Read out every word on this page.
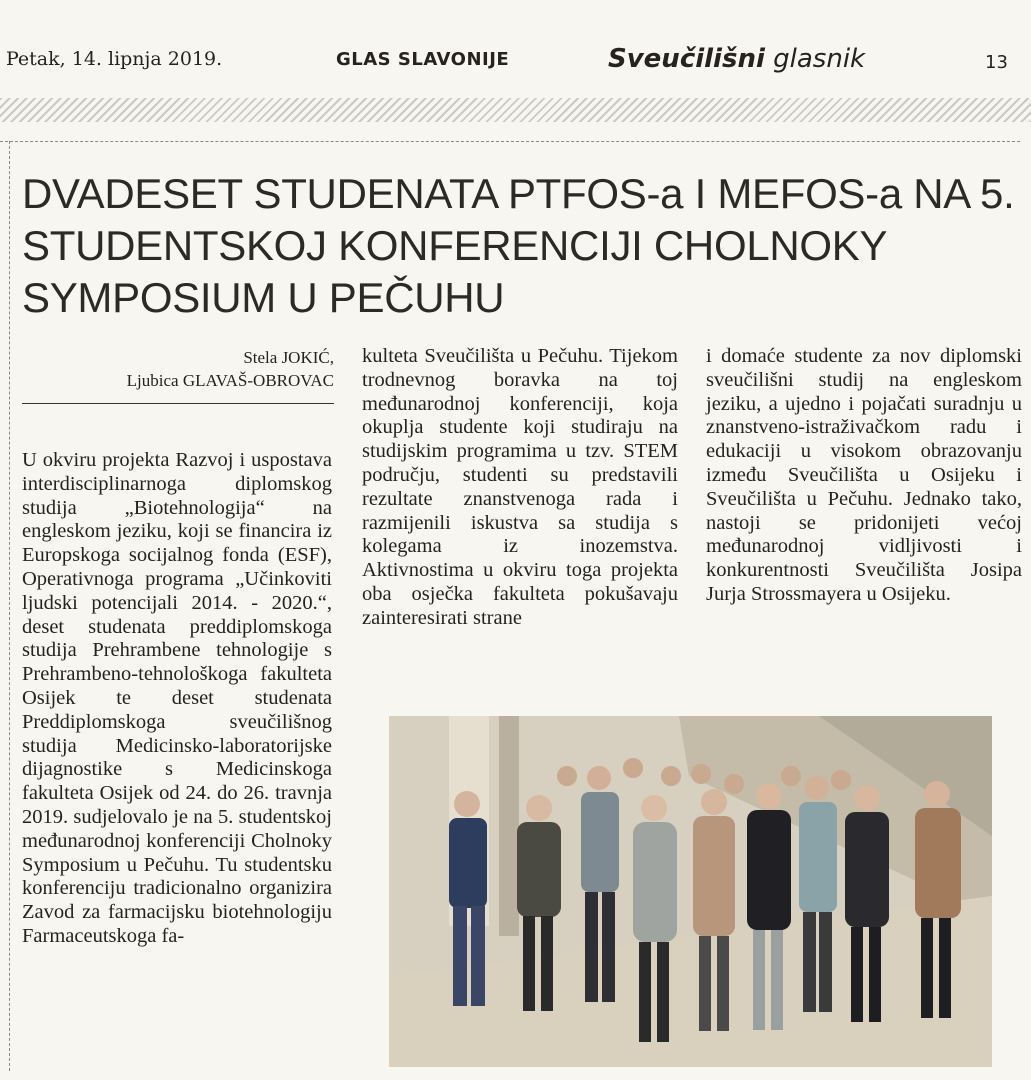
Petak, 14. lipnja 2019.	GLAS SLAVONIJE	Sveučilišni glasnik	13
DVADESET STUDENATA PTFOS-a I MEFOS-a NA 5. STUDENTSKOJ KONFERENCIJI CHOLNOKY SYMPOSIUM U PEČUHU
Stela JOKIĆ,
Ljubica GLAVAŠ-OBROVAC

U okviru projekta Razvoj i uspostava interdisciplinarnoga diplomskog studija „Biotehnologija“ na engleskom jeziku, koji se financira iz Europskoga socijalnog fonda (ESF), Operativnoga programa „Učinkoviti ljudski potencijali 2014. - 2020.“, deset studenata preddiplomskoga studija Prehrambene tehnologije s Prehrambeno-tehnološkoga fakulteta Osijek te deset studenata Preddiplomskoga sveučilišnog studija Medicinsko-laboratorijske dijagnostike s Medicinskoga fakulteta Osijek od 24. do 26. travnja 2019. sudjelovalo je na 5. studentskoj međunarodnoj konferenciji Cholnoky Symposium u Pečuhu. Tu studentsku konferenciju tradicionalno organizira Zavod za farmacijsku biotehnologiju Farmaceutskoga fa-

kulteta Sveučilišta u Pečuhu. Tijekom trodnevnog boravka na toj međunarodnoj konferenciji, koja okuplja studente koji studiraju na studijskim programima u tzv. STEM području, studenti su predstavili rezultate znanstvenoga rada i razmijenili iskustva sa studija s kolegama iz inozemstva. Aktivnostima u okviru toga projekta oba osječka fakulteta pokušavaju zainteresirati strane

i domaće studente za nov diplomski sveučilišni studij na engleskom jeziku, a ujedno i pojačati suradnju u znanstveno-istraživačkom radu i edukaciji u visokom obrazovanju između Sveučilišta u Osijeku i Sveučilišta u Pečuhu. Jednako tako, nastoji se pridonijeti većoj međunarodnoj vidljivosti i konkurentnosti Sveučilišta Josipa Jurja Strossmayera u Osijeku.
